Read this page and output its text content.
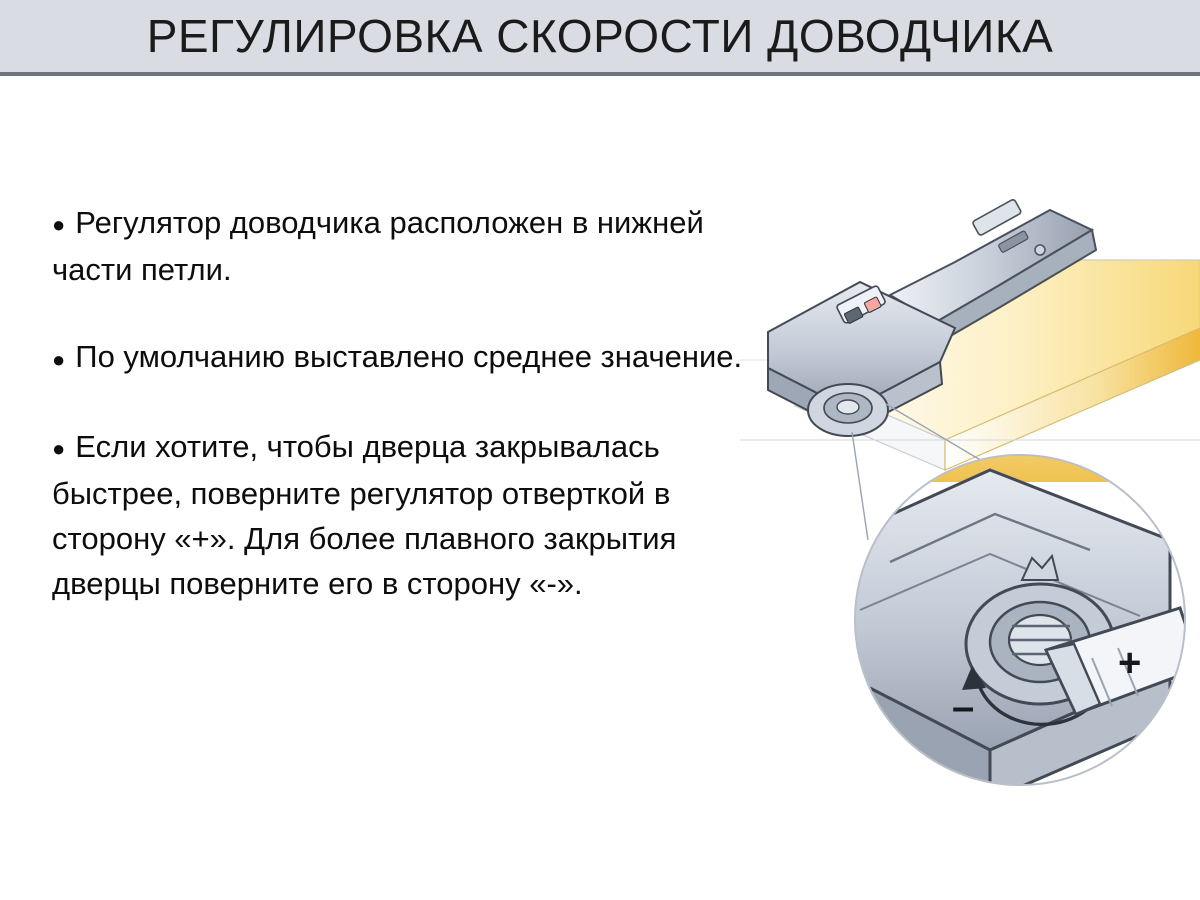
РЕГУЛИРОВКА СКОРОСТИ ДОВОДЧИКА
● Регулятор доводчика расположен в нижней части петли.
● По умолчанию выставлено среднее значение.
● Если хотите, чтобы дверца закрывалась быстрее, поверните регулятор отверткой в сторону «+». Для более плавного закрытия дверцы поверните его в сторону «-».
+
–
